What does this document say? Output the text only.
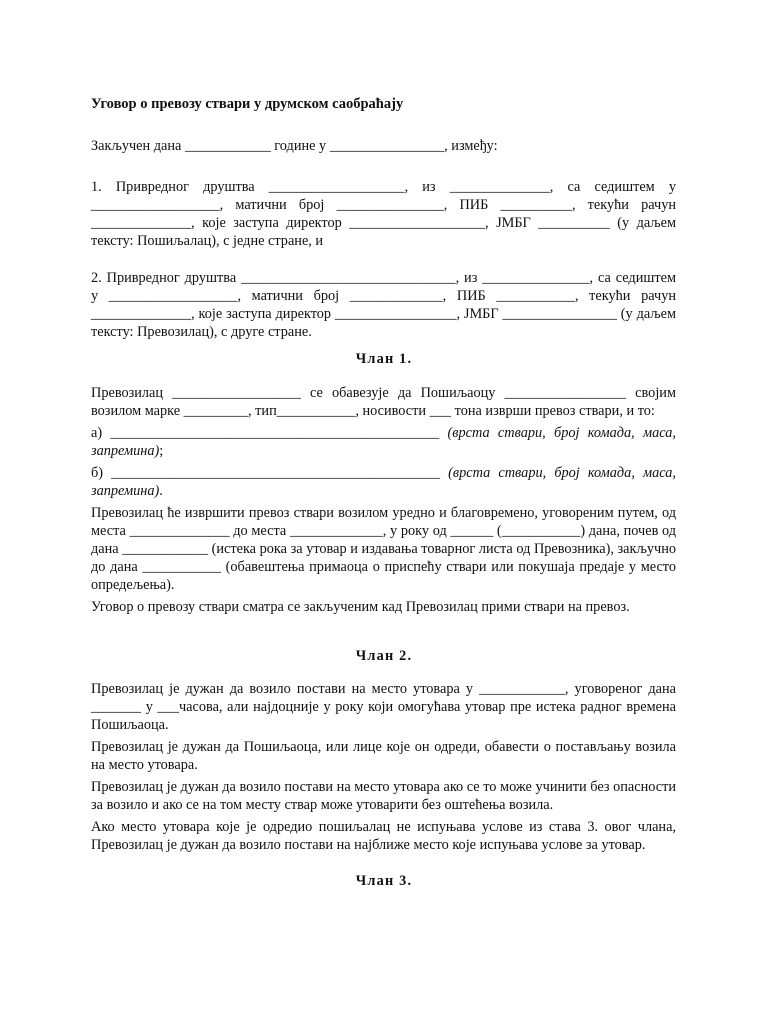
Уговор о превозу ствари у друмском саобраћају

Закључен дана ____________ године у ________________, између:

1. Привредног друштва ___________________, из ______________, са седиштем у __________________, матични број _______________, ПИБ __________, текући рачун ______________, које заступа директор ___________________, ЈМБГ __________ (у даљем тексту: Пошиљалац), с једне стране, и

2. Привредног друштва ______________________________, из _______________, са седиштем у __________________, матични број _____________, ПИБ ___________, текући рачун ______________, које заступа директор _________________, ЈМБГ ________________ (у даљем тексту: Превозилац), с друге стране.

Члан 1.

Превозилац __________________ се обавезује да Пошиљаоцу _________________ својим возилом марке _________, тип___________, носивости ___ тона изврши превоз ствари, и то:

а) ______________________________________________ (врста ствари, број комада, маса, запремина);

б) ______________________________________________ (врста ствари, број комада, маса, запремина).

Превозилац ће извршити превоз ствари возилом уредно и благовремено, уговореним путем, од места ______________ до места _____________, у року од ______ (___________) дана, почев од дана ____________ (истека рока за утовар и издавања товарног листа од Превозника), закључно до дана ___________ (обавештења примаоца о приспећу ствари или покушаја предаје у место опредељења).

Уговор о превозу ствари сматра се закљученим кад Превозилац прими ствари на превоз.

Члан 2.

Превозилац је дужан да возило постави на место утовара у ____________, уговореног дана _______ у ___часова, али најдоцније у року који омогућава утовар пре истека радног времена Пошиљаоца.

Превозилац је дужан да Пошиљаоца, или лице које он одреди, обавести о постављању возила на место утовара.

Превозилац је дужан да возило постави на место утовара ако се то може учинити без опасности за возило и ако се на том месту ствар може утоварити без оштећења возила.

Ако место утовара које је одредио пошиљалац не испуњава услове из става 3. овог члана, Превозилац је дужан да возило постави на најближе место које испуњава услове за утовар.

Члан 3.
